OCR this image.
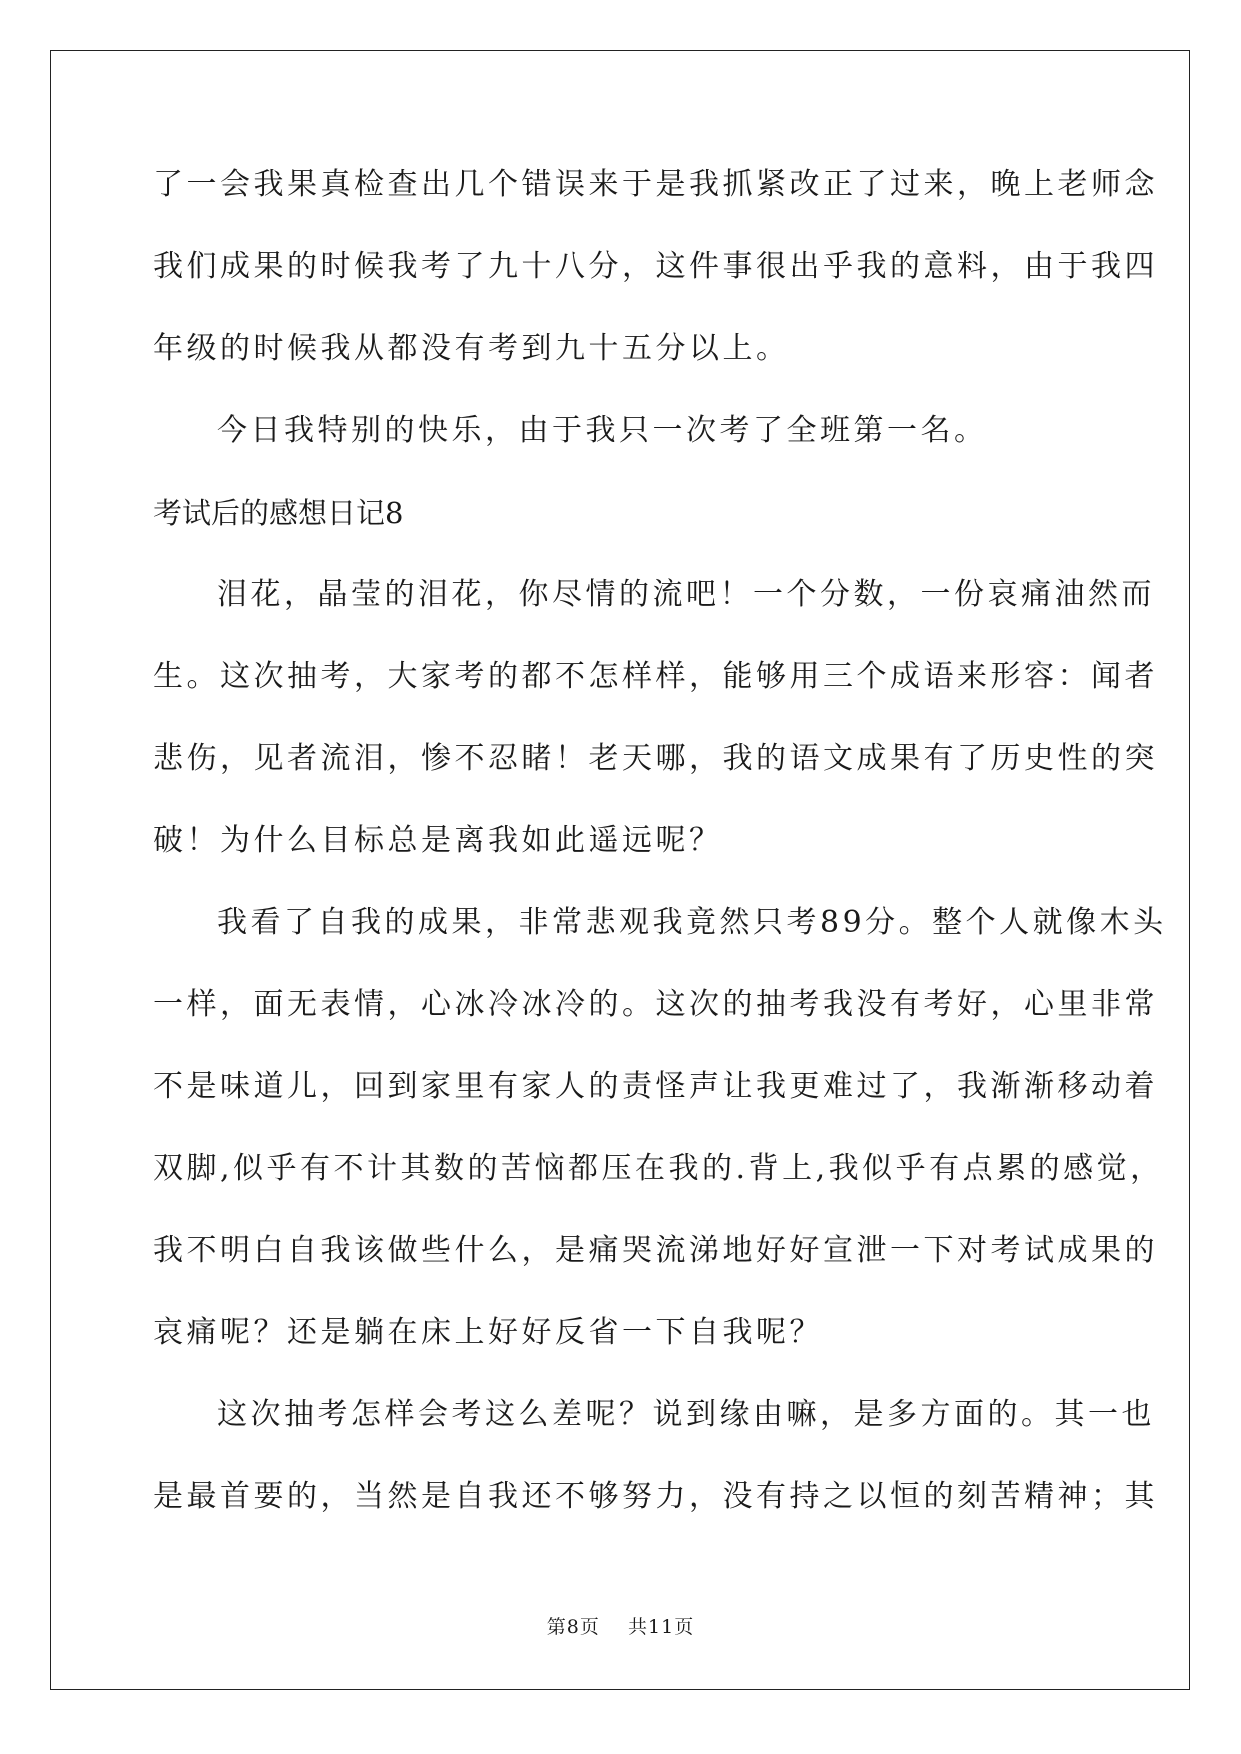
了一会我果真检查出几个错误来于是我抓紧改正了过来，晚上老师念
我们成果的时候我考了九十八分，这件事很出乎我的意料，由于我四
年级的时候我从都没有考到九十五分以上。
今日我特别的快乐，由于我只一次考了全班第一名。
考试后的感想日记8
泪花，晶莹的泪花，你尽情的流吧！一个分数，一份哀痛油然而
生。这次抽考，大家考的都不怎样样，能够用三个成语来形容：闻者
悲伤，见者流泪，惨不忍睹！老天哪，我的语文成果有了历史性的突
破！为什么目标总是离我如此遥远呢？
我看了自我的成果，非常悲观我竟然只考89分。整个人就像木头
一样，面无表情，心冰冷冰冷的。这次的抽考我没有考好，心里非常
不是味道儿，回到家里有家人的责怪声让我更难过了，我渐渐移动着
双脚,似乎有不计其数的苦恼都压在我的.背上,我似乎有点累的感觉，
我不明白自我该做些什么，是痛哭流涕地好好宣泄一下对考试成果的
哀痛呢？还是躺在床上好好反省一下自我呢？
这次抽考怎样会考这么差呢？说到缘由嘛，是多方面的。其一也
是最首要的，当然是自我还不够努力，没有持之以恒的刻苦精神；其
第8页    共11页
